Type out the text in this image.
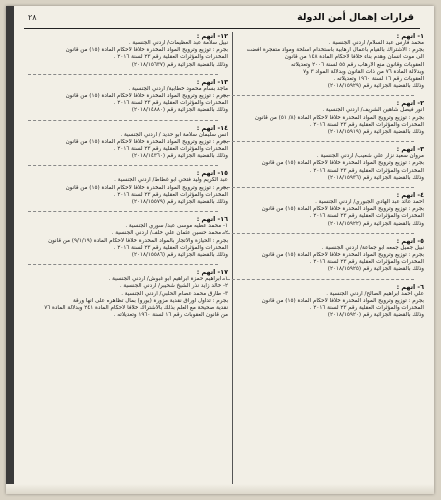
قرارات إهمال أمن الدولة
٢٨
١- اتهم :
محمد فارس عبد السلام/ أردني الجنسية .
بجرم : الاشتراك بالقيام بأعمال ارهابية باستخدام اسلحة ومواد متفجرة افضت
الى موت انسان وهدم بناء خلافاً لأحكام المادة ١٤٨ من قانون
العقوبات وقانون منع الارهاب رقم ٥٥ لسنة ٢٠٠٦ وتعديلاته
وبدلالة المادة ٧٦ من ذات القانون وبدلالة المواد ٣ و٧
العقوبات رقم ١٦ لسنة ١٩٦٠ وتعديلاته .
وذلك بالقضية الجزائية رقم (٢٠١٨/١٥٩٢٩)
٢- اتهم :
انور فيصل شاهين الشريف/ أردني الجنسية .
بجرم : توزيع وترويج المواد المخدرة خلافاً لاحكام المادة (٨/ ٥١) من قانون
المخدرات والمؤثرات العقلية رقم ٢٣ لسنة ٢٠١٦ .
وذلك بالقضية الجزائية رقم (٢٠١٨/١٥٩١٩)
٣- اتهم :
مروان سعيد نزار علي شعيب/ أردني الجنسية .
بجرم : توزيع وترويج المواد المخدرة خلافاً لاحكام المادة (١٥) من قانون
المخدرات والمؤثرات العقلية رقم ٢٣ لسنة ٢٠١٦ .
وذلك بالقضية الجزائية رقم (٢٠١٨/١٥٩٣٦)
٤- اتهم :
احمد عائد عبد الهادي الجبوري/ أردني الجنسية .
بجرم : توزيع وترويج المواد المخدرة خلافاً لاحكام المادة (١٥) من قانون
المخدرات والمؤثرات العقلية رقم ٢٣ لسنة ٢٠١٦ .
وذلك بالقضية الجزائية رقم (٢٠١٨/١٥٩٢٢)
٥- اتهم :
نبيل جميل جمعه ابو جماعة/ أردني الجنسية .
بجرم : توزيع وترويج المواد المخدرة خلافاً لاحكام المادة (١٥) من قانون
المخدرات والمؤثرات العقلية رقم ٢٣ لسنة ٢٠١٦ .
وذلك بالقضية الجزائية رقم (٢٠١٨/١٥٩٢٥)
٦- اتهم :
علي احمد ابراهيم الصالح/ أردني الجنسية .
بجرم : توزيع وترويج المواد المخدرة خلافاً لاحكام المادة (١٥) من قانون
المخدرات والمؤثرات العقلية رقم ٢٣ لسنة ٢٠١٦ .
وذلك بالقضية الجزائية رقم (٢٠١٨/١٥٩٢٠)
١٢- اتهم :
نبيل سلامة عبد العظيمات/ اردني الجنسية .
بجرم : توزيع وترويج المواد المخدرة خلافاً لاحكام المادة (١٥) من قانون
المخدرات والمؤثرات العقلية رقم ٢٣ لسنة ٢٠١٦ .
وذلك بالقضية الجزائية رقم (٢٠١٨/١٥٦٣٧)
١٣- اتهم :
ماجد بسام محمود خطابية/ اردني الجنسية .
بجرم : توزيع وترويج المواد المخدرة خلافاً لاحكام المادة (١٥) من قانون
المخدرات والمؤثرات العقلية رقم ٢٣ لسنة ٢٠١٦ .
وذلك بالقضية الجزائية رقم (٢٠١٨/١٤٨٨٠)
١٤- اتهم :
انس سليمان سلامة ابو حديد / اردني الجنسية .
بجرم : توزيع وترويج المواد المخدرة خلافاً لاحكام المادة (١٥) من قانون
المخدرات والمؤثرات العقلية رقم ٢٣ لسنة ٢٠١٦ .
وذلك بالقضية الجزائية رقم (٢٠١٨/١٤٣٦٠)
١٥- اتهم :
عبد الكريم وليد فتحي ابو غطاط/ اردني الجنسية .
بجرم : توزيع وترويج المواد المخدرة خلافاً لاحكام المادة (١٥) من قانون
المخدرات والمؤثرات العقلية رقم ٢٣ لسنة ٢٠١٦ .
وذلك بالقضية الجزائية رقم (٢٠١٨/١٥٥٧٩)
١٦- اتهم :
١- محمد عطيه موسى عبد/ سوري الجنسية .
٢- محمد حسين عثمان علي خلف/ اردني الجنسية .
بجرم : الحيازة والاتجار بالمواد المخدرة خلافاً لاحكام المادة (٩/١/١٩) من قانون
المخدرات والمؤثرات العقلية رقم ٢٣ لسنة ٢٠١٦ .
وذلك بالقضية الجزائية رقم (٢٠١٨/١٥٥٨٦)
١٧- اتهم :
١- ابراهيم حمزة ابراهيم ابو غبوش/ اردني الجنسية .
٢- خالد زايد نذر الشيخ شحيبر/ اردني الجنسية .
٣- طارق محمد عصام الحلبي/ اردني الجنسية .
بجرم : تداول اوراق نقدية مزورة (يورو) بمال تظاهره على انها ورقة
نقدية صحيحة مع العلم بذلك بالاشتراك خلافاً لاحكام المادة ٢٤١ وبدلالة المادة ٧٦
من قانون العقوبات رقم ١٦ لسنة ١٩٦٠ وتعديلاته .
